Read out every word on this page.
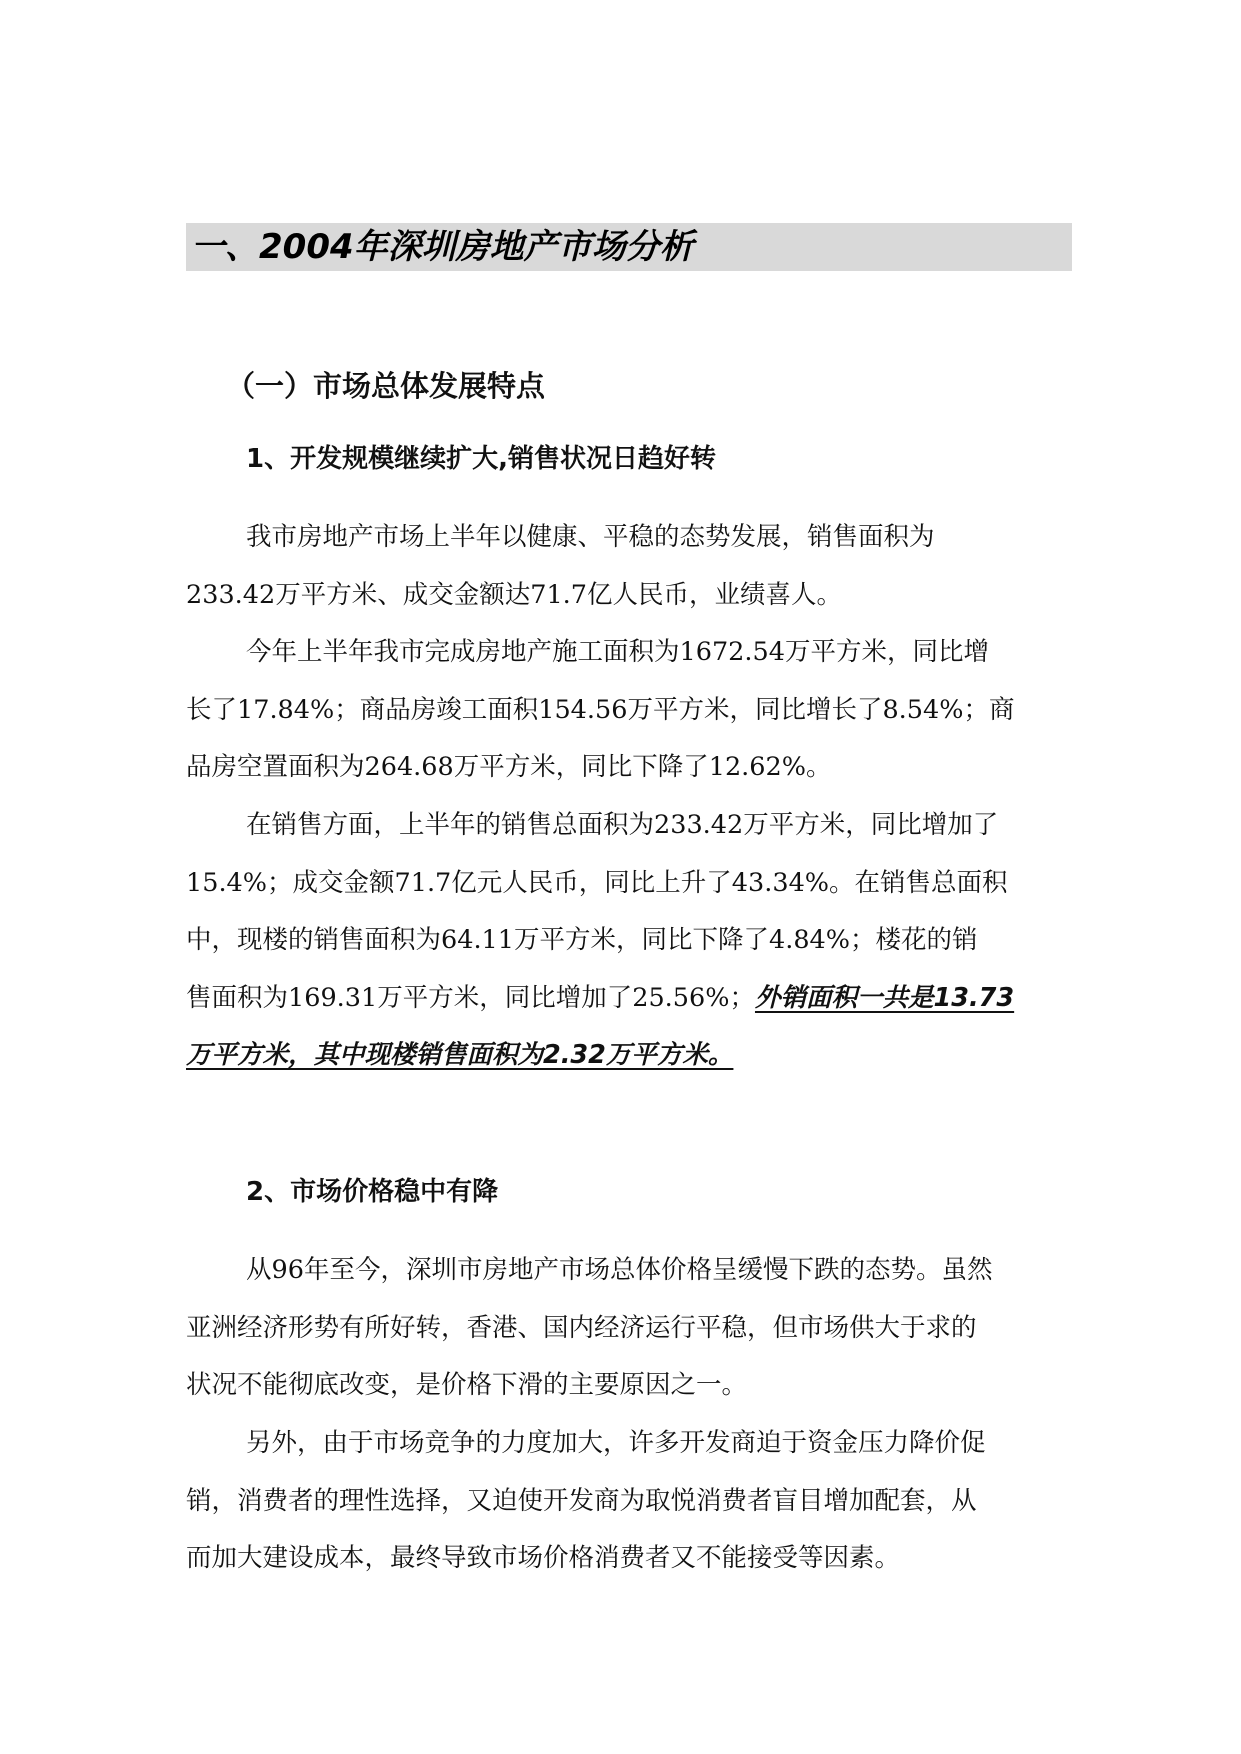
一、2004年深圳房地产市场分析
（一）市场总体发展特点
1、开发规模继续扩大,销售状况日趋好转
我市房地产市场上半年以健康、平稳的态势发展，销售面积为
233.42万平方米、成交金额达71.7亿人民币，业绩喜人。
今年上半年我市完成房地产施工面积为1672.54万平方米，同比增
长了17.84%；商品房竣工面积154.56万平方米，同比增长了8.54%；商
品房空置面积为264.68万平方米，同比下降了12.62%。
在销售方面，上半年的销售总面积为233.42万平方米，同比增加了
15.4%；成交金额71.7亿元人民币，同比上升了43.34%。在销售总面积
中，现楼的销售面积为64.11万平方米，同比下降了4.84%；楼花的销
售面积为169.31万平方米，同比增加了25.56%；外销面积一共是13.73
万平方米，其中现楼销售面积为2.32万平方米。
2、市场价格稳中有降
从96年至今，深圳市房地产市场总体价格呈缓慢下跌的态势。虽然
亚洲经济形势有所好转，香港、国内经济运行平稳，但市场供大于求的
状况不能彻底改变，是价格下滑的主要原因之一。
另外，由于市场竞争的力度加大，许多开发商迫于资金压力降价促
销，消费者的理性选择，又迫使开发商为取悦消费者盲目增加配套，从
而加大建设成本，最终导致市场价格消费者又不能接受等因素。
